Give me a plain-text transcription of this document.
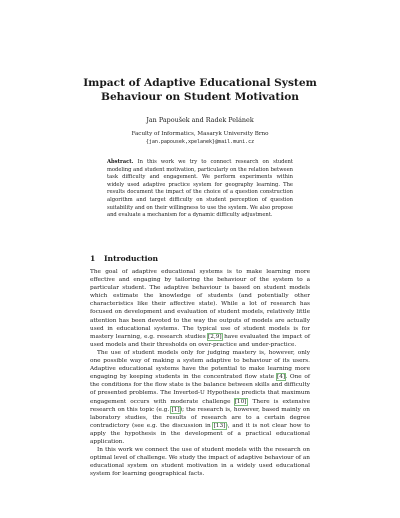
Impact of Adaptive Educational System Behaviour on Student Motivation
Jan Papoušek and Radek Pelánek
Faculty of Informatics, Masaryk University Brno
{jan.papousek,xpelanek}@mail.muni.cz
Abstract. In this work we try to connect research on student modeling and student motivation, particularly on the relation between task difficulty and engagement. We perform experiments within widely used adaptive practice system for geography learning. The results document the impact of the choice of a question construction algorithm and target difficulty on student perception of question suitability and on their willingness to use the system. We also propose and evaluate a mechanism for a dynamic difficulty adjustment.
1 Introduction

The goal of adaptive educational systems is to make learning more effective and engaging by tailoring the behaviour of the system to a particular student. The adaptive behaviour is based on student models which estimate the knowledge of students (and potentially other characteristics like their affective state). While a lot of research has focused on development and evaluation of student models, relatively little attention has been devoted to the way the outputs of models are actually used in educational systems. The typical use of student models is for mastery learning, e.g. research studies [2,9] have evaluated the impact of used models and their thresholds on over-practice and under-practice.

The use of student models only for judging mastery is, however, only one possible way of making a system adaptive to behaviour of its users. Adaptive educational systems have the potential to make learning more engaging by keeping students in the concentrated flow state [4]. One of the conditions for the flow state is the balance between skills and difficulty of presented problems. The Inverted-U Hypothesis predicts that maximum engagement occurs with moderate challenge [10]. There is extensive research on this topic (e.g. [1]); the research is, however, based mainly on laboratory studies, the results of research are to a certain degree contradictory (see e.g. the discussion in [13]), and it is not clear how to apply the hypothesis in the development of a practical educational application.

In this work we connect the use of student models with the research on optimal level of challenge. We study the impact of adaptive behaviour of an educational system on student motivation in a widely used educational system for learning geographical facts.
